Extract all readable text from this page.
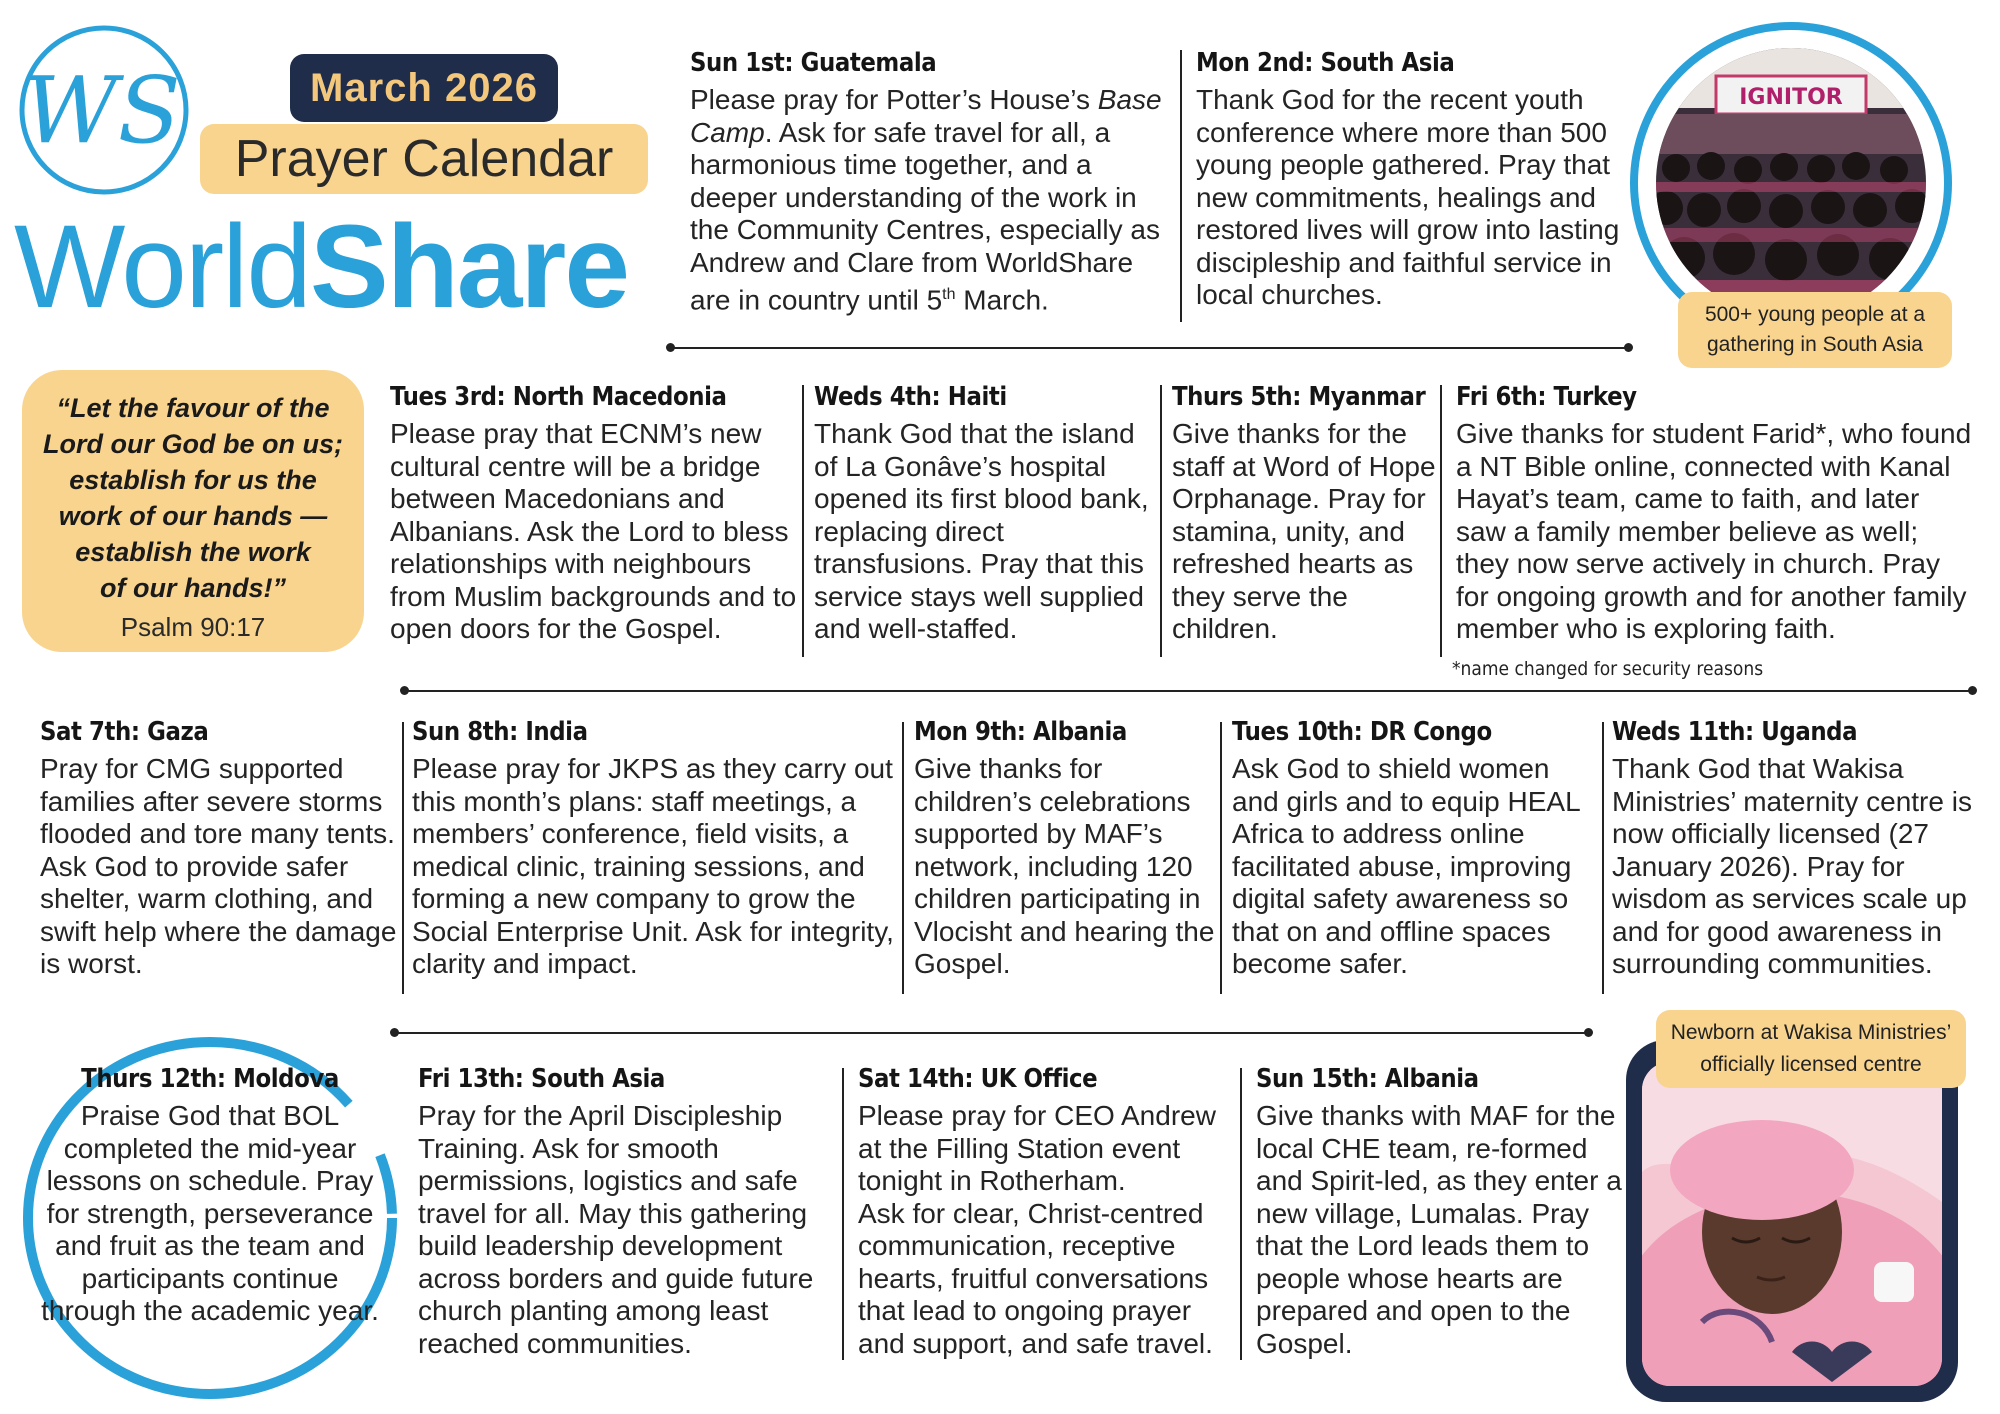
WS	March 2026
Prayer Calendar
WorldShare
Sun 1st: Guatemala

Please pray for Potter’s House’s Base Camp. Ask for safe travel for all, a harmonious time together, and a deeper understanding of the work in the Community Centres, especially as Andrew and Clare from WorldShare are in country until 5th March.

Mon 2nd: South Asia

Thank God for the recent youth conference where more than 500 young people gathered. Pray that new commitments, healings and restored lives will grow into lasting discipleship and faithful service in local churches.

IGNITOR
500+ young people at a gathering in South Asia

“Let the favour of the
Lord our God be on us;
establish for us the
work of our hands —
establish the work
of our hands!”

Psalm 90:17
Tues 3rd: North Macedonia

Please pray that ECNM’s new cultural centre will be a bridge between Macedonians and Albanians. Ask the Lord to bless relationships with neighbours from Muslim backgrounds and to open doors for the Gospel.

Weds 4th: Haiti

Thank God that the island of La Gonâve’s hospital opened its first blood bank, replacing direct transfusions. Pray that this service stays well supplied and well-staffed.

Thurs 5th: Myanmar

Give thanks for the staff at Word of Hope Orphanage. Pray for stamina, unity, and refreshed hearts as they serve the children.

Fri 6th: Turkey

Give thanks for student Farid*, who found a NT Bible online, connected with Kanal Hayat’s team, came to faith, and later saw a family member believe as well; they now serve actively in church. Pray for ongoing growth and for another family member who is exploring faith.

*name changed for security reasons
Sat 7th: Gaza

Pray for CMG supported families after severe storms flooded and tore many tents. Ask God to provide safer shelter, warm clothing, and swift help where the damage is worst.

Sun 8th: India

Please pray for JKPS as they carry out this month’s plans: staff meetings, a members’ conference, field visits, a medical clinic, training sessions, and forming a new company to grow the Social Enterprise Unit. Ask for integrity, clarity and impact.

Mon 9th: Albania

Give thanks for children’s celebrations supported by MAF’s network, including 120 children participating in Vlocisht and hearing the Gospel.

Tues 10th: DR Congo

Ask God to shield women and girls and to equip HEAL Africa to address online facilitated abuse, improving digital safety awareness so that on and offline spaces become safer.

Weds 11th: Uganda

Thank God that Wakisa Ministries’ maternity centre is now officially licensed (27 January 2026). Pray for wisdom as services scale up and for good awareness in surrounding communities.

Thurs 12th: Moldova

Praise God that BOL completed the mid-year lessons on schedule. Pray for strength, perseverance and fruit as the team and participants continue through the academic year.

Fri 13th: South Asia

Pray for the April Discipleship Training. Ask for smooth permissions, logistics and safe travel for all. May this gathering build leadership development across borders and guide future church planting among least reached communities.

Sat 14th: UK Office

Please pray for CEO Andrew at the Filling Station event tonight in Rotherham.
Ask for clear, Christ-centred communication, receptive hearts, fruitful conversations that lead to ongoing prayer and support, and safe travel.

Sun 15th: Albania

Give thanks with MAF for the local CHE team, re-formed and Spirit-led, as they enter a new village, Lumalas. Pray that the Lord leads them to people whose hearts are prepared and open to the Gospel.

Newborn at Wakisa Ministries’ officially licensed centre
